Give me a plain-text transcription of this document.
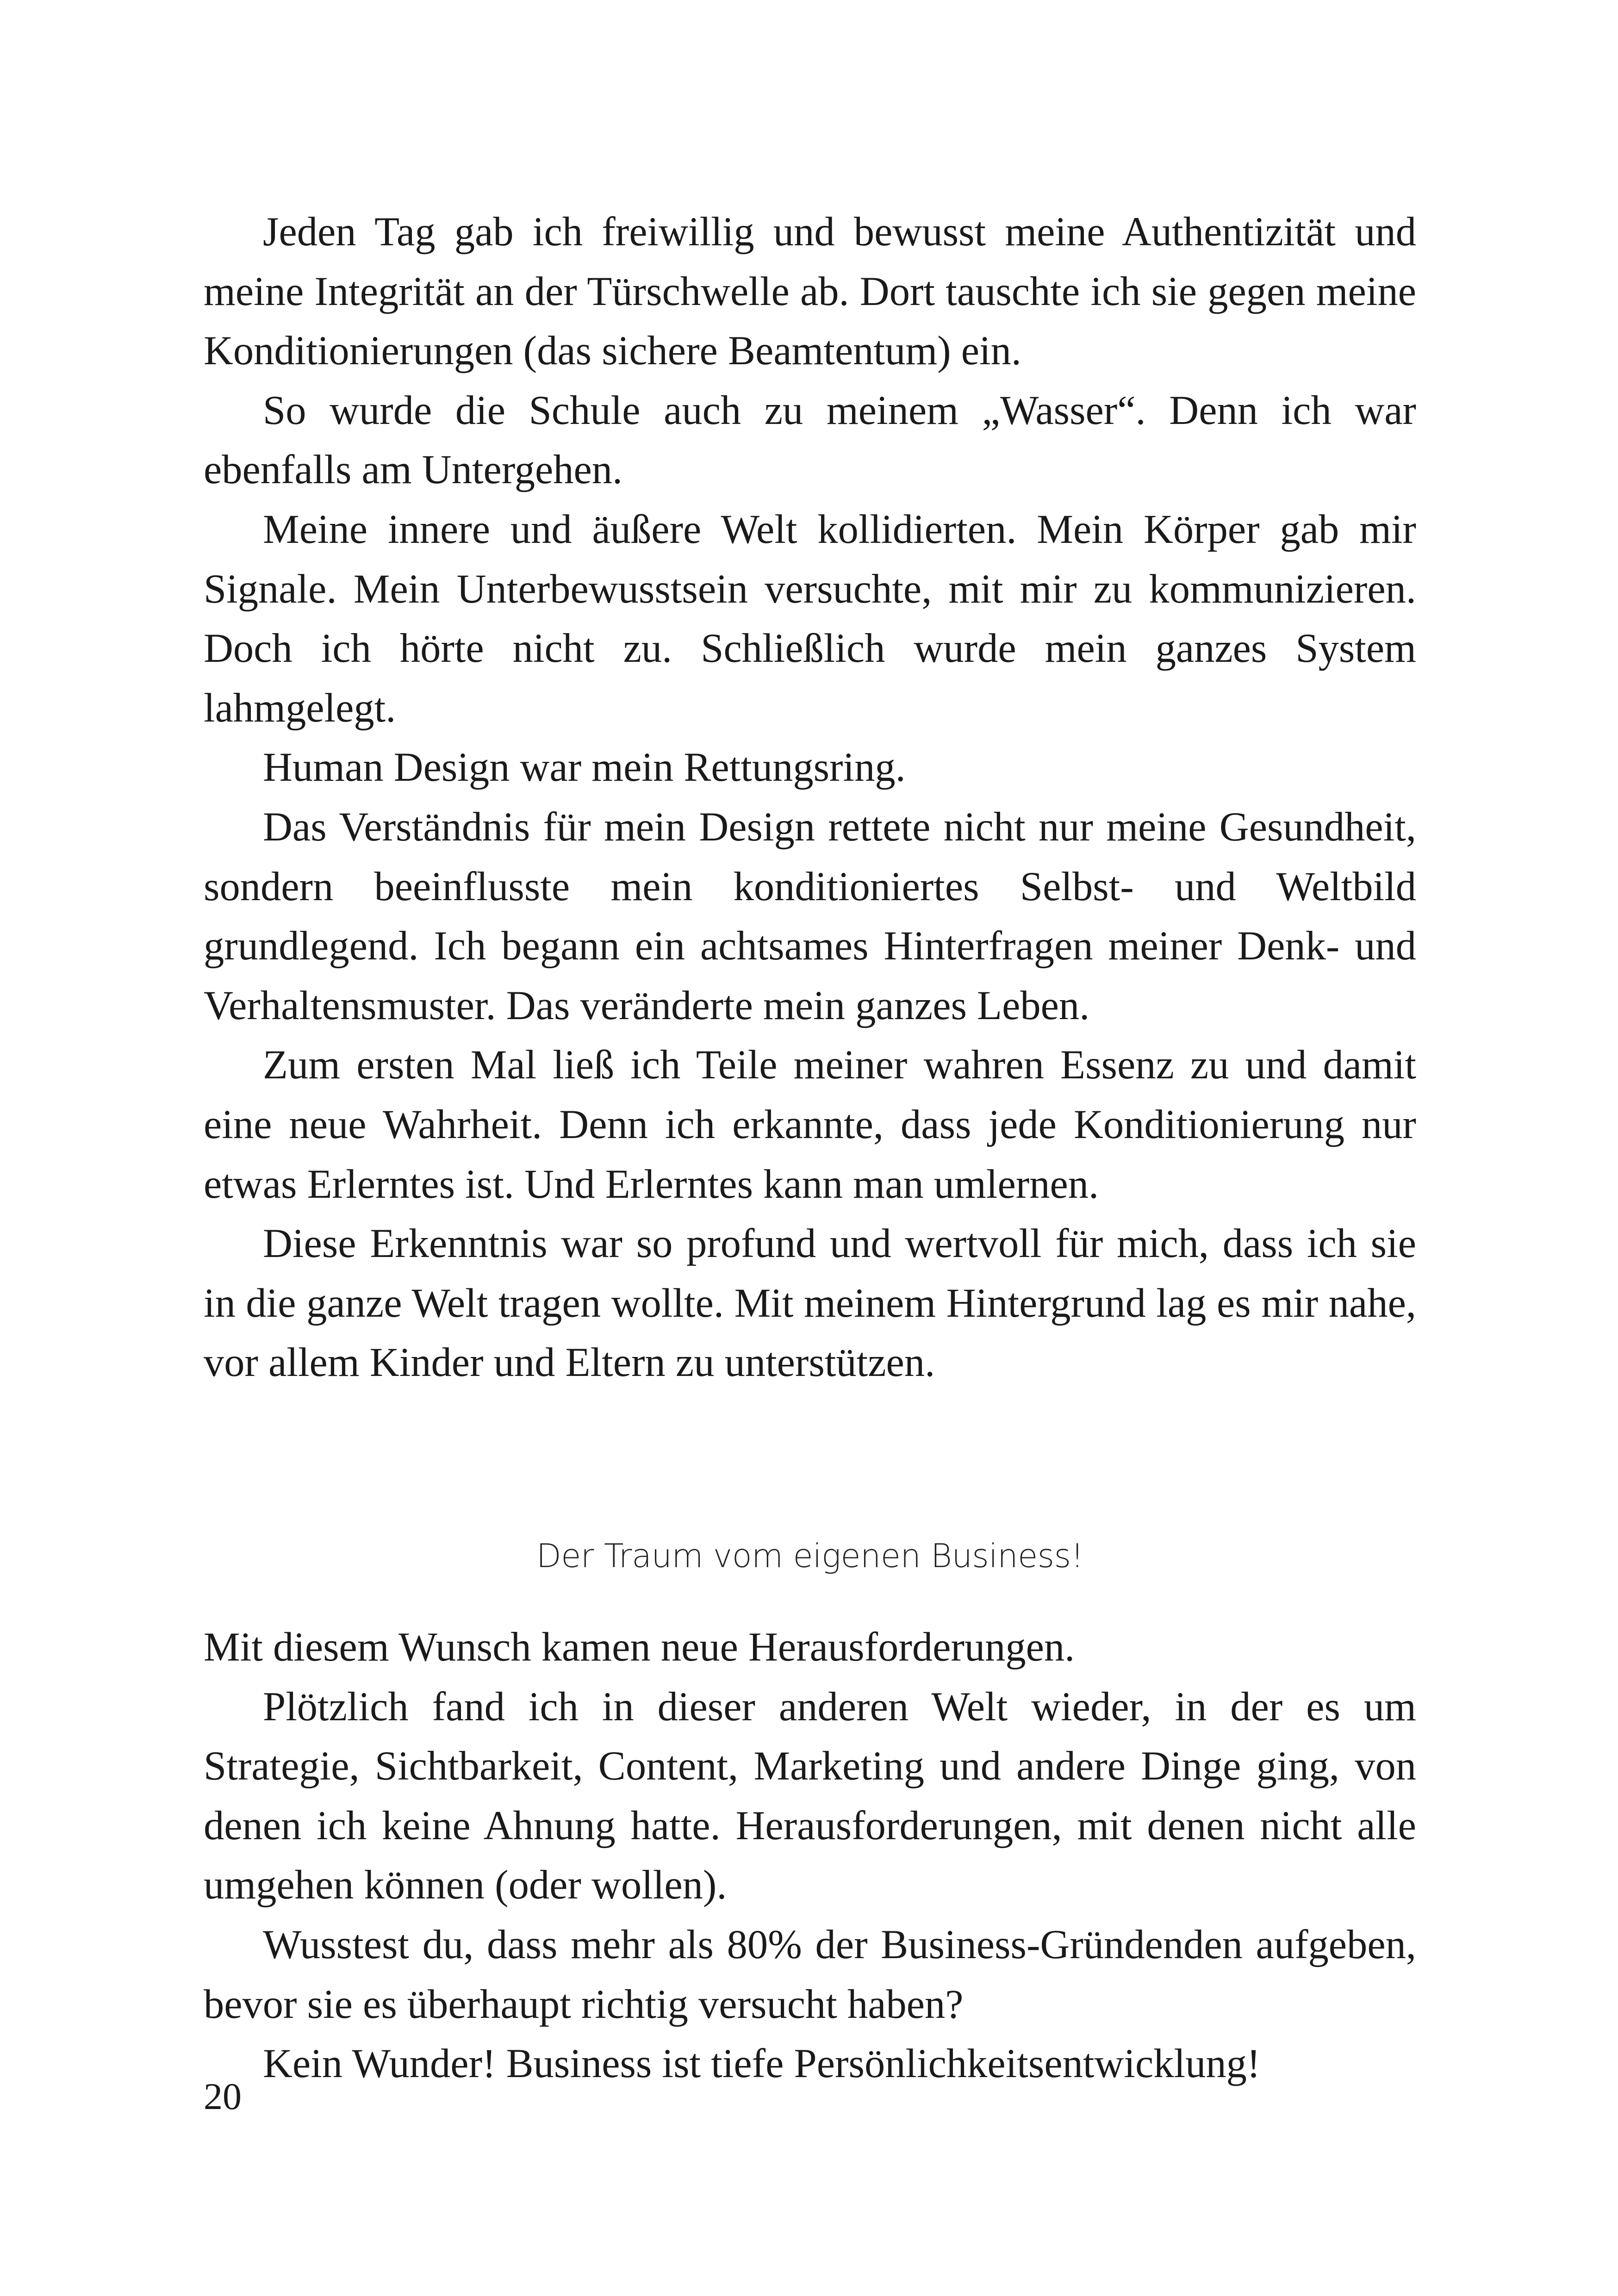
Jeden Tag gab ich freiwillig und bewusst meine Authentizität und meine Integrität an der Türschwelle ab. Dort tauschte ich sie gegen meine Konditionierungen (das sichere Beamtentum) ein.

So wurde die Schule auch zu meinem „Wasser“. Denn ich war ebenfalls am Untergehen.

Meine innere und äußere Welt kollidierten. Mein Körper gab mir Signale. Mein Unterbewusstsein versuchte, mit mir zu kommunizieren. Doch ich hörte nicht zu. Schließlich wurde mein ganzes System lahmgelegt.

Human Design war mein Rettungsring.

Das Verständnis für mein Design rettete nicht nur meine Gesundheit, sondern beeinflusste mein konditioniertes Selbst- und Weltbild grundlegend. Ich begann ein achtsames Hinterfragen meiner Denk- und Verhaltensmuster. Das veränderte mein ganzes Leben.

Zum ersten Mal ließ ich Teile meiner wahren Essenz zu und damit eine neue Wahrheit. Denn ich erkannte, dass jede Konditionierung nur etwas Erlerntes ist. Und Erlerntes kann man umlernen.

Diese Erkenntnis war so profund und wertvoll für mich, dass ich sie in die ganze Welt tragen wollte. Mit meinem Hintergrund lag es mir nahe, vor allem Kinder und Eltern zu unterstützen.

Der Traum vom eigenen Business!

Mit diesem Wunsch kamen neue Herausforderungen.

Plötzlich fand ich in dieser anderen Welt wieder, in der es um Strategie, Sichtbarkeit, Content, Marketing und andere Dinge ging, von denen ich keine Ahnung hatte. Herausforderungen, mit denen nicht alle umgehen können (oder wollen).

Wusstest du, dass mehr als 80% der Business-Gründenden aufgeben, bevor sie es überhaupt richtig versucht haben?

Kein Wunder! Business ist tiefe Persönlichkeitsentwicklung!

20
